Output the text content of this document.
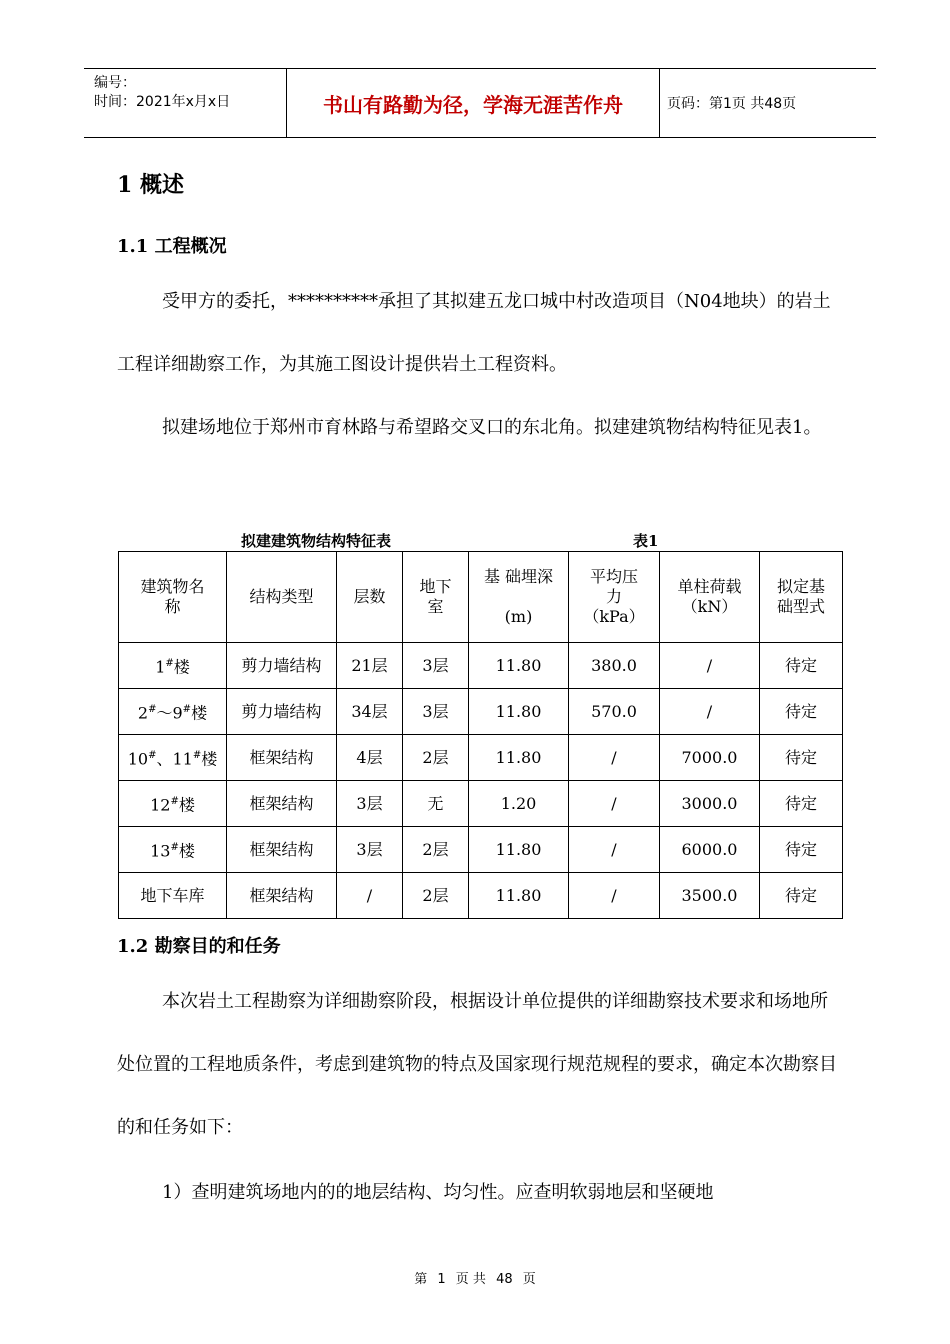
编号：
时间：2021年x月x日	书山有路勤为径，学海无涯苦作舟	页码：第1页 共48页
1 概述
1.1 工程概况

受甲方的委托，**********承担了其拟建五龙口城中村改造项目（N04地块）的岩土工程详细勘察工作，为其施工图设计提供岩土工程资料。

拟建场地位于郑州市育林路与希望路交叉口的东北角。拟建建筑物结构特征见表1。

拟建建筑物结构特征表	表1
建筑物名称	结构类型	层数	地下室	基 础埋深(m)	平均压力（kPa）	单柱荷载（kN）	拟定基础型式
1#楼	剪力墙结构	21层	3层	11.80	380.0	/	待定
2#～9#楼	剪力墙结构	34层	3层	11.80	570.0	/	待定
10#、11#楼	框架结构	4层	2层	11.80	/	7000.0	待定
12#楼	框架结构	3层	无	1.20	/	3000.0	待定
13#楼	框架结构	3层	2层	11.80	/	6000.0	待定
地下车库	框架结构	/	2层	11.80	/	3500.0	待定
1.2 勘察目的和任务

本次岩土工程勘察为详细勘察阶段，根据设计单位提供的详细勘察技术要求和场地所处位置的工程地质条件，考虑到建筑物的特点及国家现行规范规程的要求，确定本次勘察目的和任务如下：

1）查明建筑场地内的的地层结构、均匀性。应查明软弱地层和坚硬地

第 1 页 共 48 页
